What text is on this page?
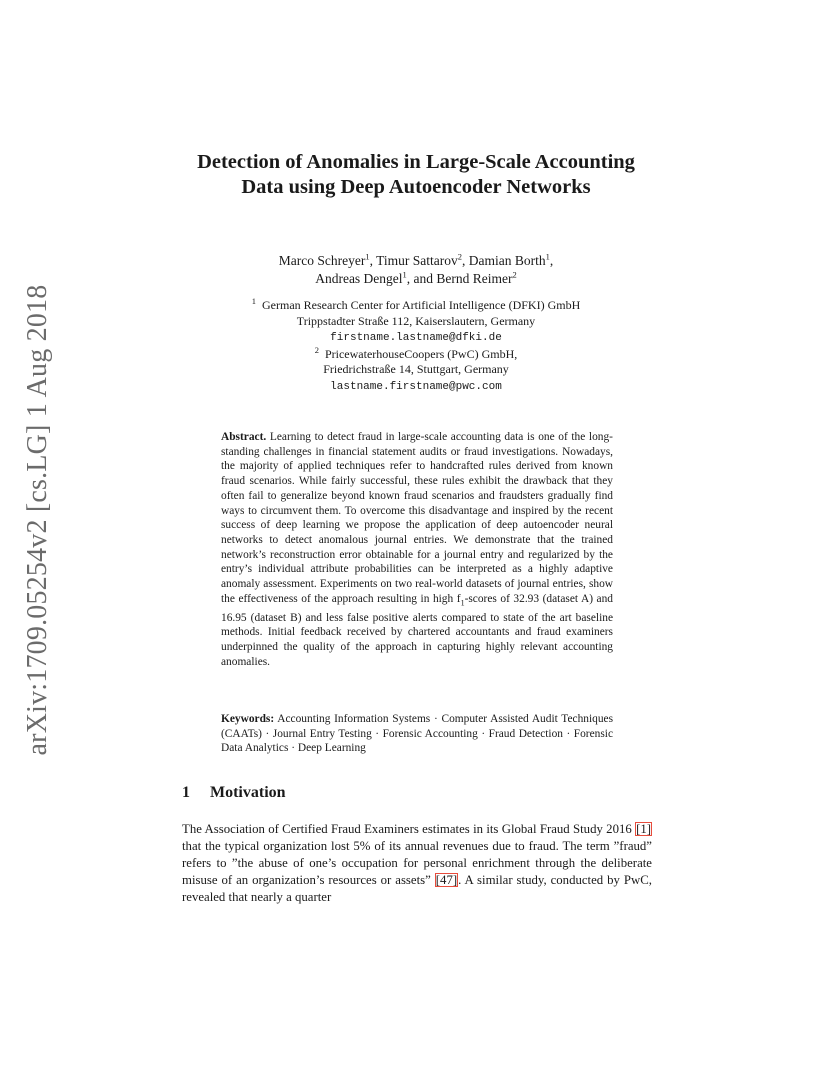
arXiv:1709.05254v2 [cs.LG] 1 Aug 2018
Detection of Anomalies in Large-Scale Accounting Data using Deep Autoencoder Networks
Marco Schreyer$^1$, Timur Sattarov$^2$, Damian Borth$^1$,
Andreas Dengel$^1$, and Bernd Reimer$^2$
$^1$ German Research Center for Artificial Intelligence (DFKI) GmbH
Trippstadter Straße 112, Kaiserslautern, Germany
firstname.lastname@dfki.de
$^2$ PricewaterhouseCoopers (PwC) GmbH,
Friedrichstraße 14, Stuttgart, Germany
lastname.firstname@pwc.com
Abstract. Learning to detect fraud in large-scale accounting data is one of the long-standing challenges in financial statement audits or fraud investigations. Nowadays, the majority of applied techniques refer to handcrafted rules derived from known fraud scenarios. While fairly successful, these rules exhibit the drawback that they often fail to generalize beyond known fraud scenarios and fraudsters gradually find ways to circumvent them. To overcome this disadvantage and inspired by the recent success of deep learning we propose the application of deep autoencoder neural networks to detect anomalous journal entries. We demonstrate that the trained network’s reconstruction error obtainable for a journal entry and regularized by the entry’s individual attribute probabilities can be interpreted as a highly adaptive anomaly assessment. Experiments on two real-world datasets of journal entries, show the effectiveness of the approach resulting in high $f_1$-scores of 32.93 (dataset A) and 16.95 (dataset B) and less false positive alerts compared to state of the art baseline methods. Initial feedback received by chartered accountants and fraud examiners underpinned the quality of the approach in capturing highly relevant accounting anomalies.
Keywords: Accounting Information Systems · Computer Assisted Audit Techniques (CAATs) · Journal Entry Testing · Forensic Accounting · Fraud Detection · Forensic Data Analytics · Deep Learning
1 Motivation
The Association of Certified Fraud Examiners estimates in its Global Fraud Study 2016 [1] that the typical organization lost 5% of its annual revenues due to fraud. The term ”fraud” refers to ”the abuse of one’s occupation for personal enrichment through the deliberate misuse of an organization’s resources or assets” [47]. A similar study, conducted by PwC, revealed that nearly a quarter
